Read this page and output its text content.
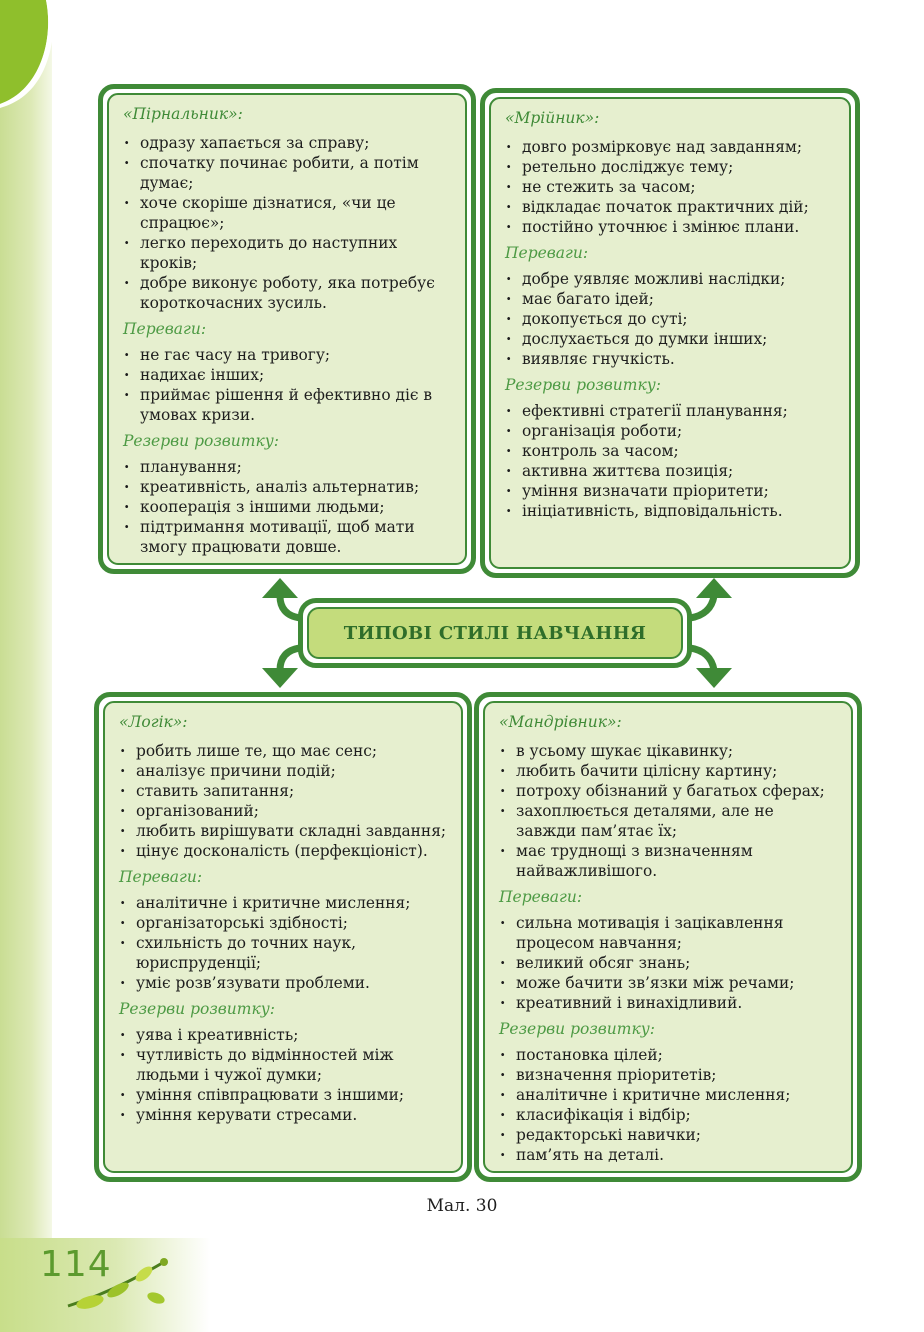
«Пірнальник»:
· одразу хапається за справу;
· спочатку починає робити, а потім думає;
· хоче скоріше дізнатися, «чи це спрацює»;
· легко переходить до наступних кроків;
· добре виконує роботу, яка потребує короткочасних зусиль.
Переваги:
· не гає часу на тривогу;
· надихає інших;
· приймає рішення й ефективно діє в умовах кризи.
Резерви розвитку:
· планування;
· креативність, аналіз альтернатив;
· кооперація з іншими людьми;
· підтримання мотивації, щоб мати змогу працювати довше.
«Мрійник»:
· довго розмірковує над завданням;
· ретельно досліджує тему;
· не стежить за часом;
· відкладає початок практичних дій;
· постійно уточнює і змінює плани.
Переваги:
· добре уявляє можливі наслідки;
· має багато ідей;
· докопується до суті;
· дослухається до думки інших;
· виявляє гнучкість.
Резерви розвитку:
· ефективні стратегії планування;
· організація роботи;
· контроль за часом;
· активна життєва позиція;
· уміння визначати пріоритети;
· ініціативність, відповідальність.
ТИПОВІ СТИЛІ НАВЧАННЯ
«Логік»:
· робить лише те, що має сенс;
· аналізує причини подій;
· ставить запитання;
· організований;
· любить вирішувати складні завдання;
· цінує досконалість (перфекціоніст).
Переваги:
· аналітичне і критичне мислення;
· організаторські здібності;
· схильність до точних наук, юриспруденції;
· уміє розв’язувати проблеми.
Резерви розвитку:
· уява і креативність;
· чутливість до відмінностей між людьми і чужої думки;
· уміння співпрацювати з іншими;
· уміння керувати стресами.
«Мандрівник»:
· в усьому шукає цікавинку;
· любить бачити цілісну картину;
· потроху обізнаний у багатьох сферах;
· захоплюється деталями, але не завжди пам’ятає їх;
· має труднощі з визначенням найважливішого.
Переваги:
· сильна мотивація і зацікавлення процесом навчання;
· великий обсяг знань;
· може бачити зв’язки між речами;
· креативний і винахідливий.
Резерви розвитку:
· постановка цілей;
· визначення пріоритетів;
· аналітичне і критичне мислення;
· класифікація і відбір;
· редакторські навички;
· пам’ять на деталі.
Мал. 30
114
